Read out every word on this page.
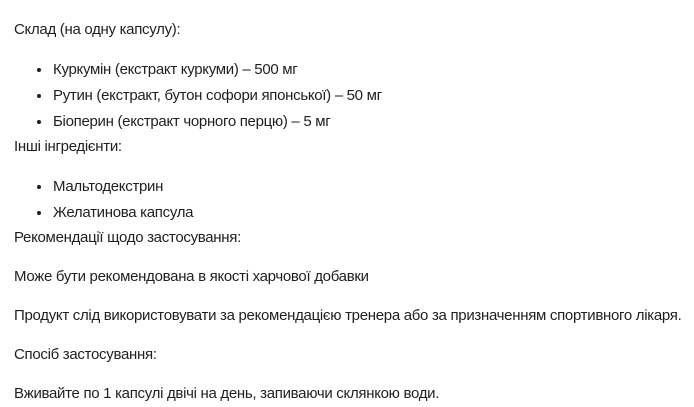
Склад (на одну капсулу):

• Куркумін (екстракт куркуми) – 500 мг
• Рутин (екстракт, бутон софори японської) – 50 мг
• Біоперин (екстракт чорного перцю) – 5 мг

Інші інгредієнти:

• Мальтодекстрин
• Желатинова капсула

Рекомендації щодо застосування:

Може бути рекомендована в якості харчової добавки

Продукт слід використовувати за рекомендацією тренера або за призначенням спортивного лікаря.

Спосіб застосування:

Вживайте по 1 капсулі двічі на день, запиваючи склянкою води.
